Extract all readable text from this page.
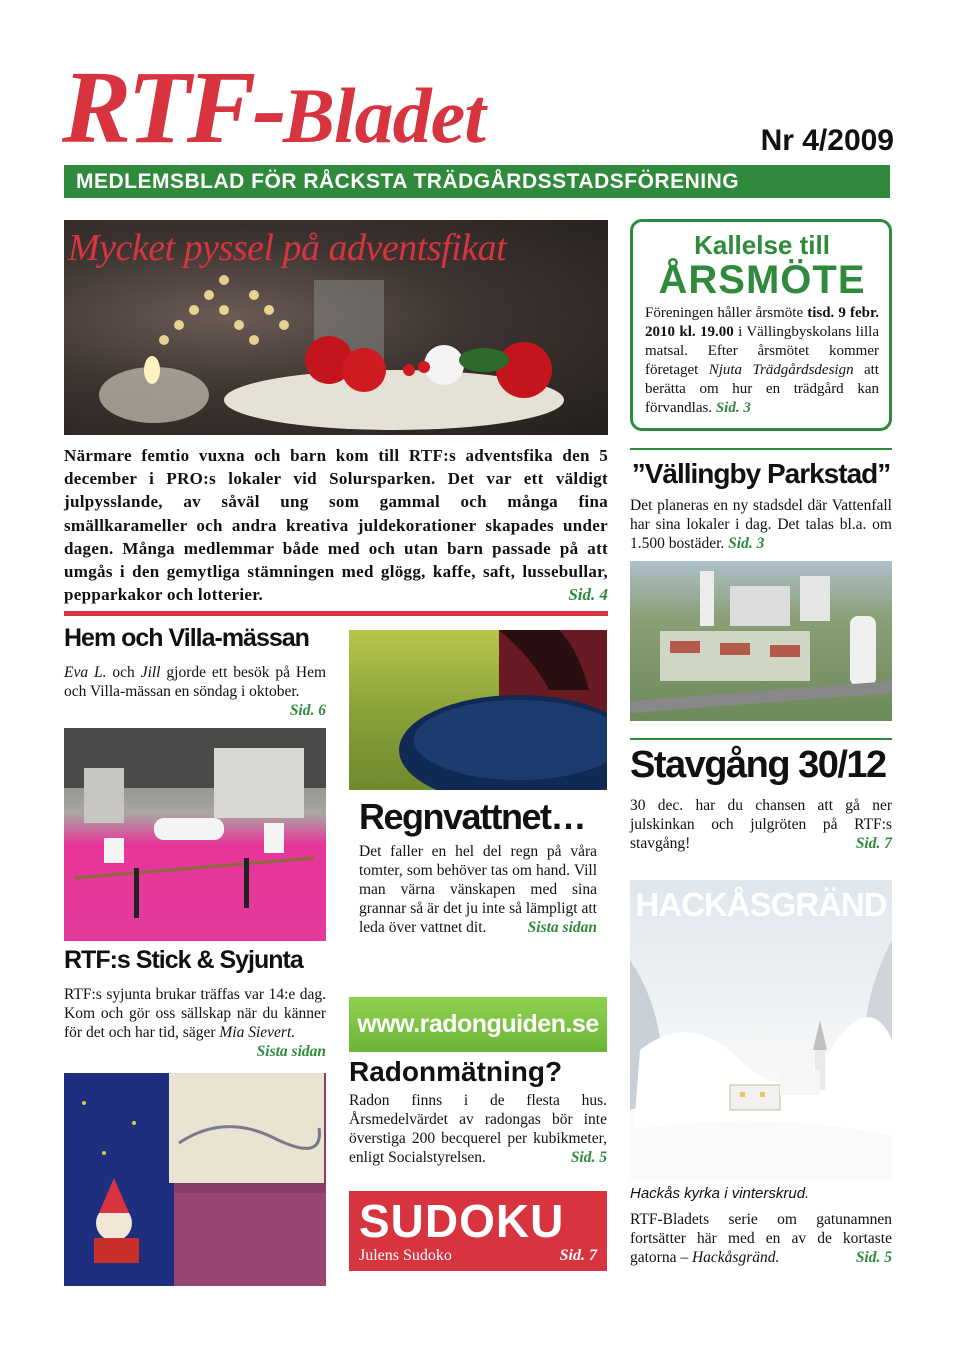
RTF-Bladet	Nr 4/2009
MEDLEMSBLAD FÖR RÅCKSTA TRÄDGÅRDSSTADSFÖRENING
Mycket pyssel på adventsfikat
Närmare femtio vuxna och barn kom till RTF:s adventsfika den 5 december i PRO:s lokaler vid Solursparken. Det var ett väldigt julpysslande, av såväl ung som gammal och många fina smällkarameller och andra kreativa juldekorationer skapades under dagen. Många medlemmar både med och utan barn passade på att umgås i den gemytliga stämningen med glögg, kaffe, saft, lussebullar, pepparkakor och lotterier.	Sid. 4
Kallelse till
ÅRSMÖTE
Föreningen håller årsmöte tisd. 9 febr. 2010 kl. 19.00 i Vällingbyskolans lilla matsal. Efter årsmötet kommer företaget Njuta Trädgårdsdesign att berätta om hur en trädgård kan förvandlas. Sid. 3
”Vällingby Parkstad”
Det planeras en ny stadsdel där Vattenfall har sina lokaler i dag. Det talas bl.a. om 1.500 bostäder. Sid. 3
Hem och Villa-mässan
Eva L. och Jill gjorde ett besök på Hem och Villa-mässan en söndag i oktober.
Sid. 6
RTF:s Stick & Syjunta
RTF:s syjunta brukar träffas var 14:e dag. Kom och gör oss sällskap när du känner för det och har tid, säger Mia Sievert.
Sista sidan
Regnvattnet…
Det faller en hel del regn på våra tomter, som behöver tas om hand. Vill man värna vänskapen med sina grannar så är det ju inte så lämpligt att leda över vattnet dit.	Sista sidan
Stavgång 30/12
30 dec. har du chansen att gå ner julskinkan och julgröten på RTF:s stavgång!	Sid. 7
www.radonguiden.se
Radonmätning?
Radon finns i de flesta hus. Årsmedelvärdet av radongas bör inte överstiga 200 becquerel per kubikmeter, enligt Socialstyrelsen.	Sid. 5
SUDOKU
Julens Sudoko	Sid. 7
HACKÅSGRÄND
Hackås kyrka i vinterskrud.
RTF-Bladets serie om gatunamnen fortsätter här med en av de kortaste gatorna – Hackåsgränd.	Sid. 5
